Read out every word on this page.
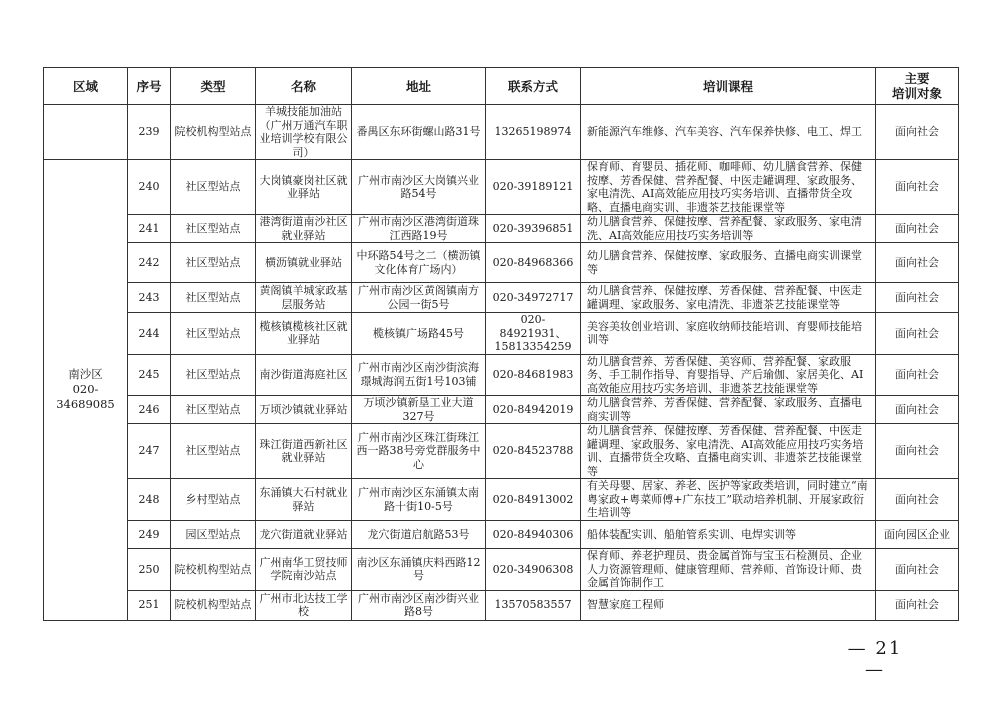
区域	序号	类型	名称	地址	联系方式	培训课程	主要
培训对象
	239	院校机构型站点	羊城技能加油站（广州万通汽车职业培训学校有限公司）	番禺区东环街螺山路31号	13265198974	新能源汽车维修、汽车美容、汽车保养快修、电工、焊工	面向社会

南沙区
020-34689085	240	社区型站点	大岗镇豪岗社区就业驿站	广州市南沙区大岗镇兴业路54号	020-39189121	保育师、育婴员、插花师、咖啡师、幼儿膳食营养、保健按摩、芳香保健、营养配餐、中医走罐调理、家政服务、家电清洗、AI高效能应用技巧实务培训、直播带货全攻略、直播电商实训、非遗茶艺技能课堂等	面向社会
	241	社区型站点	港湾街道南沙社区就业驿站	广州市南沙区港湾街道珠江西路19号	020-39396851	幼儿膳食营养、保健按摩、营养配餐、家政服务、家电清洗、AI高效能应用技巧实务培训等	面向社会
	242	社区型站点	横沥镇就业驿站	中环路54号之二（横沥镇文化体育广场内）	020-84968366	幼儿膳食营养、保健按摩、家政服务、直播电商实训课堂等	面向社会
	243	社区型站点	黄阁镇羊城家政基层服务站	广州市南沙区黄阁镇南方公园一街5号	020-34972717	幼儿膳食营养、保健按摩、芳香保健、营养配餐、中医走罐调理、家政服务、家电清洗、非遗茶艺技能课堂等	面向社会
	244	社区型站点	榄核镇榄核社区就业驿站	榄核镇广场路45号	020-84921931、15813354259	美容美妆创业培训、家庭收纳师技能培训、育婴师技能培训等	面向社会
	245	社区型站点	南沙街道海庭社区	广州市南沙区南沙街滨海璟城海润五街1号103铺	020-84681983	幼儿膳食营养、芳香保健、美容师、营养配餐、家政服务、手工制作指导、育婴指导、产后瑜伽、家居美化、AI高效能应用技巧实务培训、非遗茶艺技能课堂等	面向社会
	246	社区型站点	万顷沙镇就业驿站	万顷沙镇新垦工业大道327号	020-84942019	幼儿膳食营养、芳香保健、营养配餐、家政服务、直播电商实训等	面向社会
	247	社区型站点	珠江街道西新社区就业驿站	广州市南沙区珠江街珠江西一路38号旁党群服务中心	020-84523788	幼儿膳食营养、保健按摩、芳香保健、营养配餐、中医走罐调理、家政服务、家电清洗、AI高效能应用技巧实务培训、直播带货全攻略、直播电商实训、非遗茶艺技能课堂等	面向社会
	248	乡村型站点	东涌镇大石村就业驿站	广州市南沙区东涌镇太南路十街10-5号	020-84913002	有关母婴、居家、养老、医护等家政类培训，同时建立“南粤家政+粤菜师傅+广东技工”联动培养机制、开展家政衍生培训等	面向社会
	249	园区型站点	龙穴街道就业驿站	龙穴街道启航路53号	020-84940306	船体装配实训、船舶管系实训、电焊实训等	面向园区企业
	250	院校机构型站点	广州南华工贸技师学院南沙站点	南沙区东涌镇庆料西路12号	020-34906308	保育师、养老护理员、贵金属首饰与宝玉石检测员、企业人力资源管理师、健康管理师、营养师、首饰设计师、贵金属首饰制作工	面向社会
	251	院校机构型站点	广州市北达技工学校	广州市南沙区南沙街兴业路8号	13570583557	智慧家庭工程师	面向社会
— 21 —
